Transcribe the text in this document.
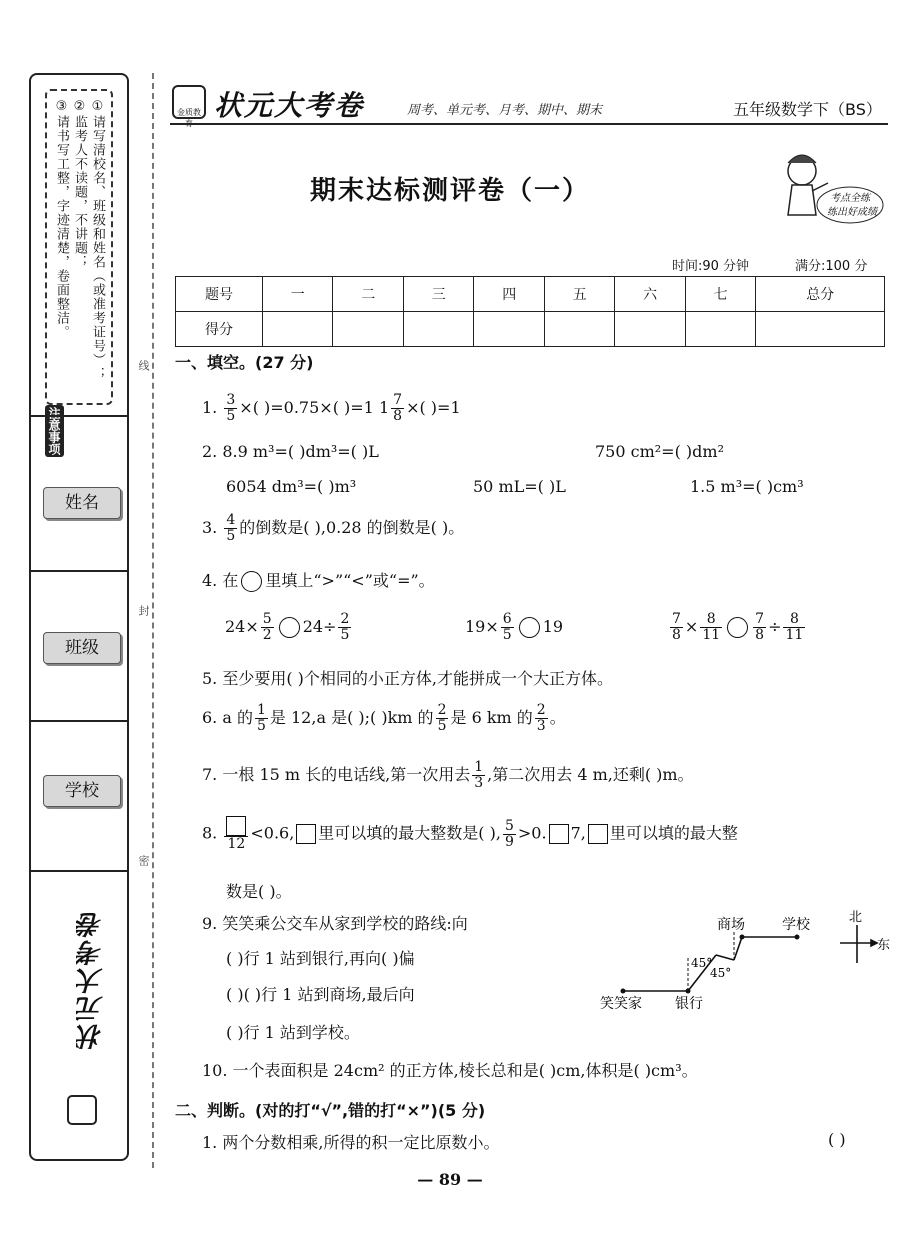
①请写清校名、班级和姓名（或准考证号）；
②监考人不读题，不讲题；
③请书写工整，字迹清楚，卷面整洁。
注意事项
姓名
班级
学校
状元大考卷
线
封
密
金质教育
状元大考卷	周考、单元考、月考、期中、期末	五年级数学下（BS）
期末达标测评卷（一）	考点全练
练出好成绩
时间:90 分钟	满分:100 分
题号	一	二	三	四	五	六	七	总分
得分								
一、填空。(27 分)
1. $\frac{3}{5}$ ×( )=0.75×( )=1 $1 \frac{7}{8}$ ×( )=1
2. 8.9 m³=( )dm³=( )L	750 cm²=( )dm²
6054 dm³=( )m³	50 mL=( )L	1.5 m³=( )cm³
3. $\frac{4}{5}$ 的倒数是( ),0.28 的倒数是( )。
4. 在 里填上“>”“<”或“=”。
$24\times \frac{5}{2} 24\div \frac{2}{5}$	$19\times \frac{6}{5} 19$	$\frac{7}{8} \times \frac{8}{11} \frac{7}{8} \div \frac{8}{11}$
5. 至少要用( )个相同的小正方体,才能拼成一个大正方体。
6. a 的 $\frac{1}{5}$ 是 12,a 是( );( )km 的 $\frac{2}{5}$ 是 6 km 的 $\frac{2}{3}$ 。
7. 一根 15 m 长的电话线,第一次用去 $\frac{1}{3}$ ,第二次用去 4 m,还剩( )m。
8.
12
<0.6, 里可以填的最大整数是( ), $\frac{5}{9} >0$. 7, 里可以填的最大整
数是( )。
9. 笑笑乘公交车从家到学校的路线:向
( )行 1 站到银行,再向( )偏
( )( )行 1 站到商场,最后向
( )行 1 站到学校。
笑笑家 银行
商场	学校	北
东
45°
45°
10. 一个表面积是 24cm² 的正方体,棱长总和是( )cm,体积是( )cm³。
二、判断。(对的打“√”,错的打“×”)(5 分)
1. 两个分数相乘,所得的积一定比原数小。	( )
— 89 —
